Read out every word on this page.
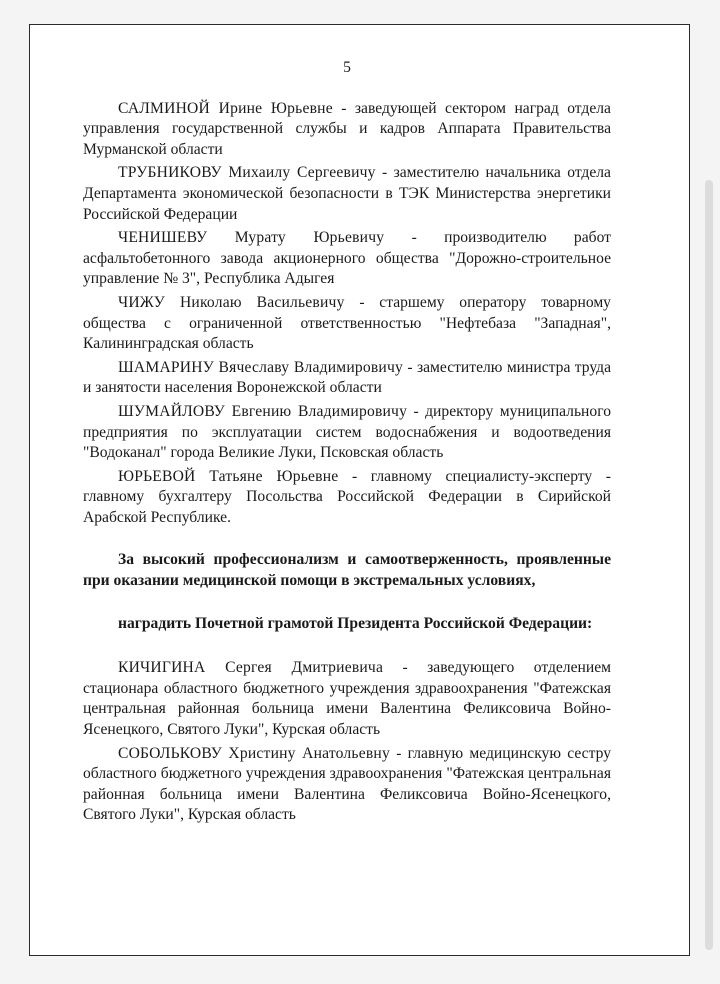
5

САЛМИНОЙ Ирине Юрьевне - заведующей сектором наград отдела управления государственной службы и кадров Аппарата Правительства Мурманской области

ТРУБНИКОВУ Михаилу Сергеевичу - заместителю начальника отдела Департамента экономической безопасности в ТЭК Министерства энергетики Российской Федерации

ЧЕНИШЕВУ Мурату Юрьевичу - производителю работ асфальтобетонного завода акционерного общества "Дорожно-строительное управление № 3", Республика Адыгея

ЧИЖУ Николаю Васильевичу - старшему оператору товарному общества с ограниченной ответственностью "Нефтебаза "Западная", Калининградская область

ШАМАРИНУ Вячеславу Владимировичу - заместителю министра труда и занятости населения Воронежской области

ШУМАЙЛОВУ Евгению Владимировичу - директору муниципального предприятия по эксплуатации систем водоснабжения и водоотведения "Водоканал" города Великие Луки, Псковская область

ЮРЬЕВОЙ Татьяне Юрьевне - главному специалисту-эксперту - главному бухгалтеру Посольства Российской Федерации в Сирийской Арабской Республике.

За высокий профессионализм и самоотверженность, проявленные при оказании медицинской помощи в экстремальных условиях,

наградить Почетной грамотой Президента Российской Федерации:

КИЧИГИНА Сергея Дмитриевича - заведующего отделением стационара областного бюджетного учреждения здравоохранения "Фатежская центральная районная больница имени Валентина Феликсовича Войно-Ясенецкого, Святого Луки", Курская область

СОБОЛЬКОВУ Христину Анатольевну - главную медицинскую сестру областного бюджетного учреждения здравоохранения "Фатежская центральная районная больница имени Валентина Феликсовича Войно-Ясенецкого, Святого Луки", Курская область
